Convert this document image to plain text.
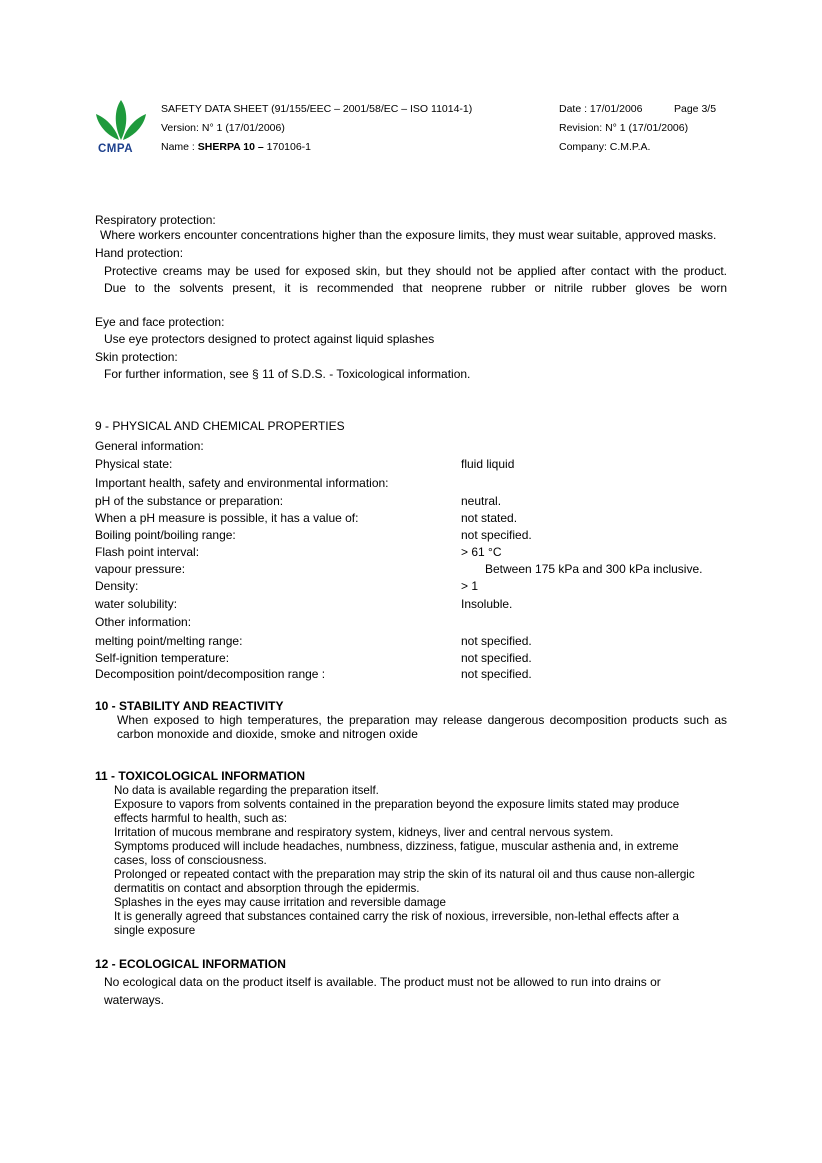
CMPA
SAFETY DATA SHEET (91/155/EEC – 2001/58/EC – ISO 11014-1)
Version: N° 1 (17/01/2006)
Name : SHERPA 10 – 170106-1
Date : 17/01/2006	Page 3/5
Revision: N° 1 (17/01/2006)
Company: C.M.P.A.
Respiratory protection:
Where workers encounter concentrations higher than the exposure limits, they must wear suitable, approved masks.
Hand protection:
Protective creams may be used for exposed skin, but they should not be applied after contact with the product.
Due to the solvents present, it is recommended that neoprene rubber or nitrile rubber gloves be worn
Eye and face protection:
Use eye protectors designed to protect against liquid splashes
Skin protection:
For further information, see § 11 of S.D.S. - Toxicological information.
9 - PHYSICAL AND CHEMICAL PROPERTIES
General information:
Physical state:	fluid liquid
Important health, safety and environmental information:
pH of the substance or preparation:	neutral.
When a pH measure is possible, it has a value of:	not stated.
Boiling point/boiling range:	not specified.
Flash point interval:	> 61 °C
vapour pressure:	Between 175 kPa and 300 kPa inclusive.
Density:	> 1
water solubility:	Insoluble.
Other information:
melting point/melting range:	not specified.
Self-ignition temperature:	not specified.
Decomposition point/decomposition range :	not specified.
10 - STABILITY AND REACTIVITY
When exposed to high temperatures, the preparation may release dangerous decomposition products such as
carbon monoxide and dioxide, smoke and nitrogen oxide
11 - TOXICOLOGICAL INFORMATION
No data is available regarding the preparation itself.
Exposure to vapors from solvents contained in the preparation beyond the exposure limits stated may produce
effects harmful to health, such as:
Irritation of mucous membrane and respiratory system, kidneys, liver and central nervous system.
Symptoms produced will include headaches, numbness, dizziness, fatigue, muscular asthenia and, in extreme
cases, loss of consciousness.
Prolonged or repeated contact with the preparation may strip the skin of its natural oil and thus cause non-allergic
dermatitis on contact and absorption through the epidermis.
Splashes in the eyes may cause irritation and reversible damage
It is generally agreed that substances contained carry the risk of noxious, irreversible, non-lethal effects after a
single exposure
12 - ECOLOGICAL INFORMATION
No ecological data on the product itself is available. The product must not be allowed to run into drains or
waterways.
